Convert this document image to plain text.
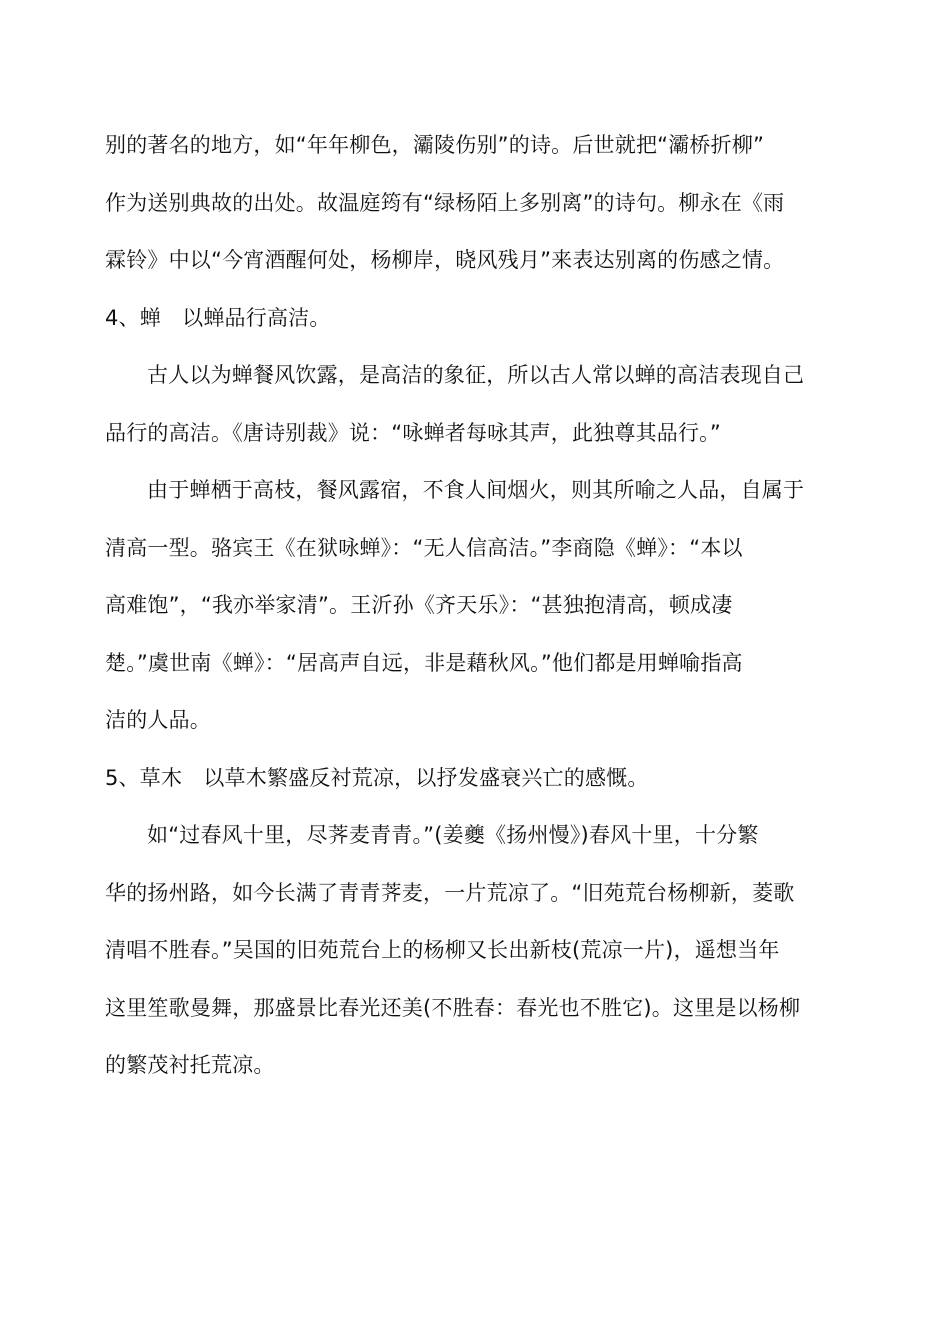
别的著名的地方，如“年年柳色，灞陵伤别”的诗。后世就把“灞桥折柳”
作为送别典故的出处。故温庭筠有“绿杨陌上多别离”的诗句。柳永在《雨
霖铃》中以“今宵酒醒何处，杨柳岸，晓风残月”来表达别离的伤感之情。
4、蝉　以蝉品行高洁。
古人以为蝉餐风饮露，是高洁的象征，所以古人常以蝉的高洁表现自己
品行的高洁。《唐诗别裁》说：“咏蝉者每咏其声，此独尊其品行。”
由于蝉栖于高枝，餐风露宿，不食人间烟火，则其所喻之人品，自属于
清高一型。骆宾王《在狱咏蝉》：“无人信高洁。”李商隐《蝉》：“本以
高难饱”，“我亦举家清”。王沂孙《齐天乐》：“甚独抱清高，顿成凄
楚。”虞世南《蝉》：“居高声自远，非是藉秋风。”他们都是用蝉喻指高
洁的人品。
5、草木　以草木繁盛反衬荒凉，以抒发盛衰兴亡的感慨。
如“过春风十里，尽荠麦青青。”(姜夔《扬州慢》)春风十里，十分繁
华的扬州路，如今长满了青青荠麦，一片荒凉了。“旧苑荒台杨柳新，菱歌
清唱不胜春。”吴国的旧苑荒台上的杨柳又长出新枝(荒凉一片)，遥想当年
这里笙歌曼舞，那盛景比春光还美(不胜春：春光也不胜它)。这里是以杨柳
的繁茂衬托荒凉。
